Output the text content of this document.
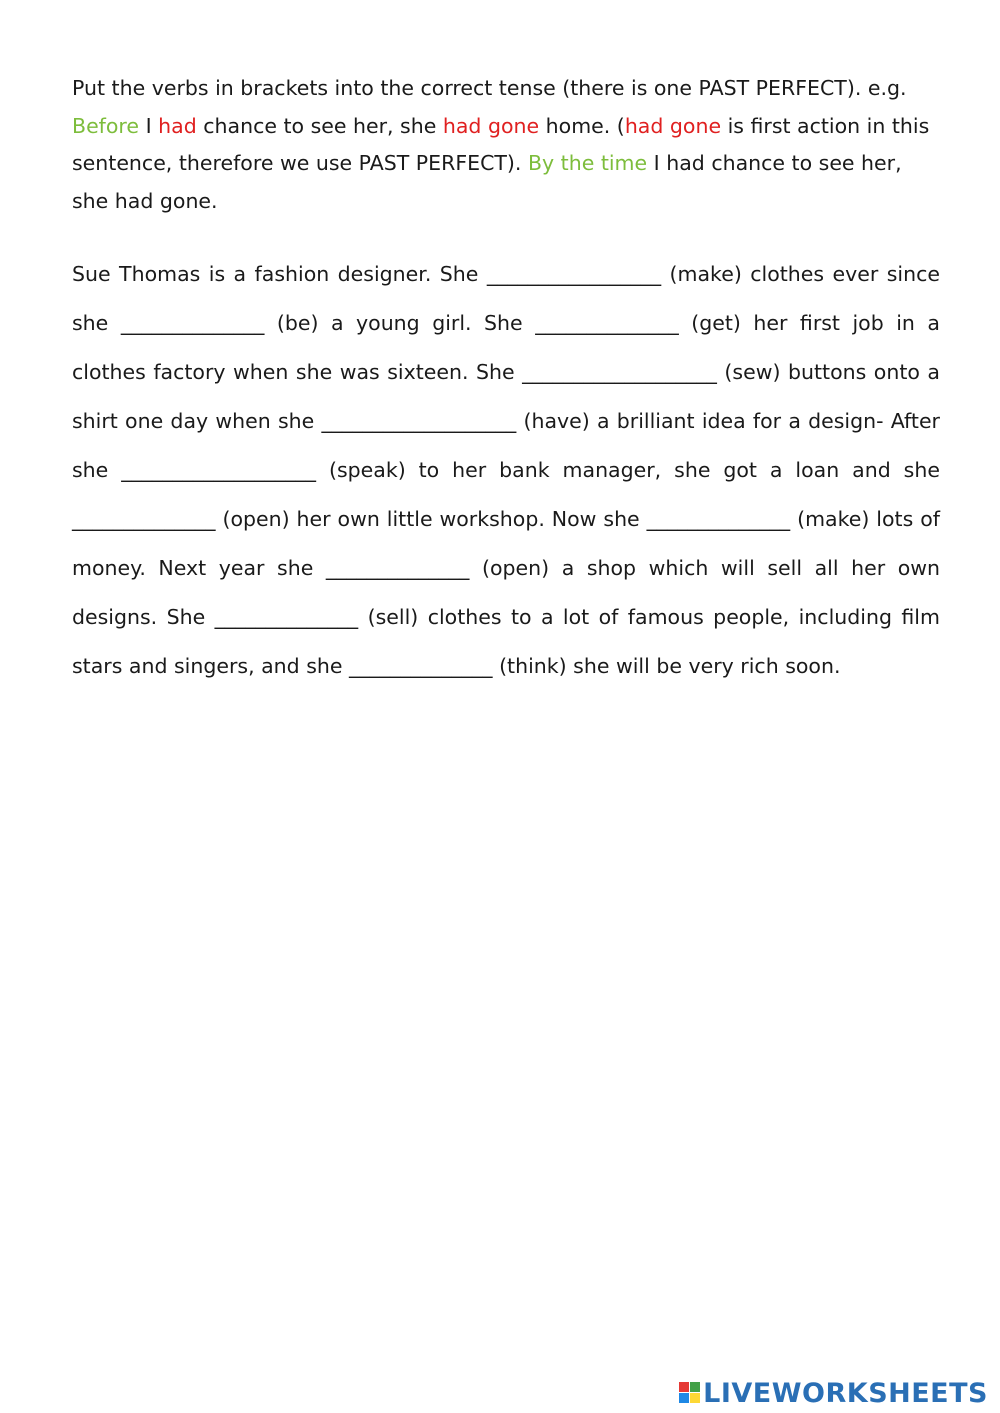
Put the verbs in brackets into the correct tense (there is one PAST PERFECT). e.g. Before I had chance to see her, she had gone home. (had gone is first action in this sentence, therefore we use PAST PERFECT). By the time I had chance to see her, she had gone.

Sue Thomas is a fashion designer. She _________________ (make) clothes ever since she ______________ (be) a young girl. She ______________ (get) her first job in a clothes factory when she was sixteen. She ___________________ (sew) buttons onto a shirt one day when she ___________________ (have) a brilliant idea for a design- After she ___________________ (speak) to her bank manager, she got a loan and she ______________ (open) her own little workshop. Now she ______________ (make) lots of money. Next year she ______________ (open) a shop which will sell all her own designs. She ______________ (sell) clothes to a lot of famous people, including film stars and singers, and she ______________ (think) she will be very rich soon.

LIVEWORKSHEETS
